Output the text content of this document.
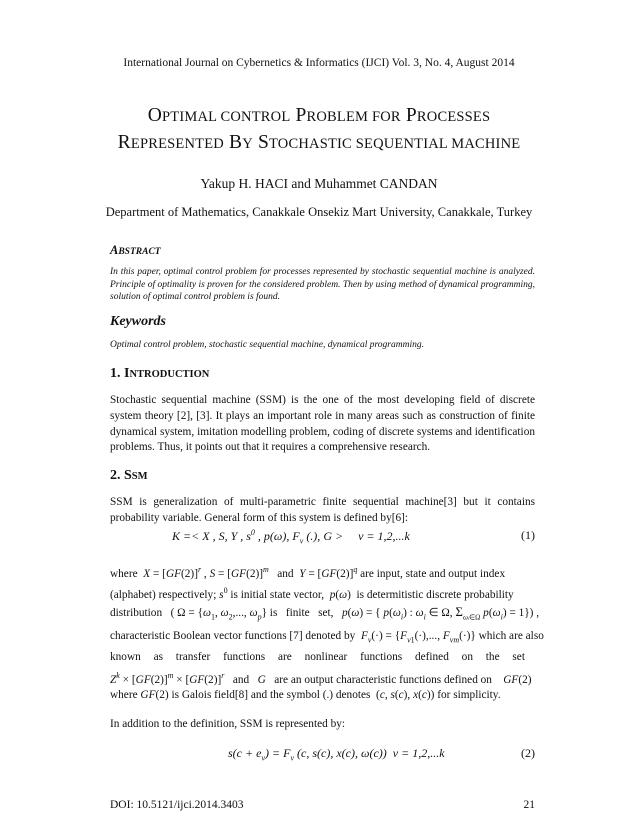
International Journal on Cybernetics & Informatics (IJCI) Vol. 3, No. 4, August 2014
OPTIMAL CONTROL PROBLEM FOR PROCESSES
REPRESENTED BY STOCHASTIC SEQUENTIAL MACHINE
Yakup H. HACI and Muhammet CANDAN
Department of Mathematics, Canakkale Onsekiz Mart University, Canakkale, Turkey
ABSTRACT
In this paper, optimal control problem for processes represented by stochastic sequential machine is analyzed. Principle of optimality is proven for the considered problem. Then by using method of dynamical programming, solution of optimal control problem is found.
Keywords
Optimal control problem, stochastic sequential machine, dynamical programming.
1. INTRODUCTION
Stochastic sequential machine (SSM) is the one of the most developing field of discrete system theory [2], [3]. It plays an important role in many areas such as construction of finite dynamical system, imitation modelling problem, coding of discrete systems and identification problems. Thus, it points out that it requires a comprehensive research.
2. SSM
SSM is generalization of multi-parametric finite sequential machine[3] but it contains probability variable. General form of this system is defined by[6]:
K =< X , S, Y , $s^0$ , p(ω), $F_v$ (.), G >     v = 1,2,...k	(1)
where  $X = [GF(2)]^r$ , $S = [GF(2)]^m$   and  $Y = [GF(2)]^q$ are input, state and output index
(alphabet) respectively; $s^0$ is initial state vector,  p(ω)  is determitistic discrete probability
distribution   ( $\Omega = \{\omega_1$, $\omega_2$,..., $\omega_p$} is   finite   set,   p(ω) = { $p(\omega_i)$ : $\omega_i$ ∈ Ω, $\Sigma_{\omega ᵢ\in\Omega}$ $p(\omega_i) = 1$}) ,
characteristic Boolean vector functions [7] denoted by  $F_v(\cdot) = \{F_{v1}(\cdot)$,..., $F_{vm}(\cdot)$} which are also
known as transfer functions are nonlinear functions defined on the set
$Z^k \times [GF(2)]^m \times [GF(2)]^r$   and   G   are an output characteristic functions defined on    GF(2)
where GF(2) is Galois field[8] and the symbol (.) denotes  (c, s(c), x(c)) for simplicity.
In addition to the definition, SSM is represented by:
$s(c + e_v) = F_v$ (c, s(c), x(c), ω(c))  v = 1,2,...k	(2)
DOI: 10.5121/ijci.2014.3403	21
